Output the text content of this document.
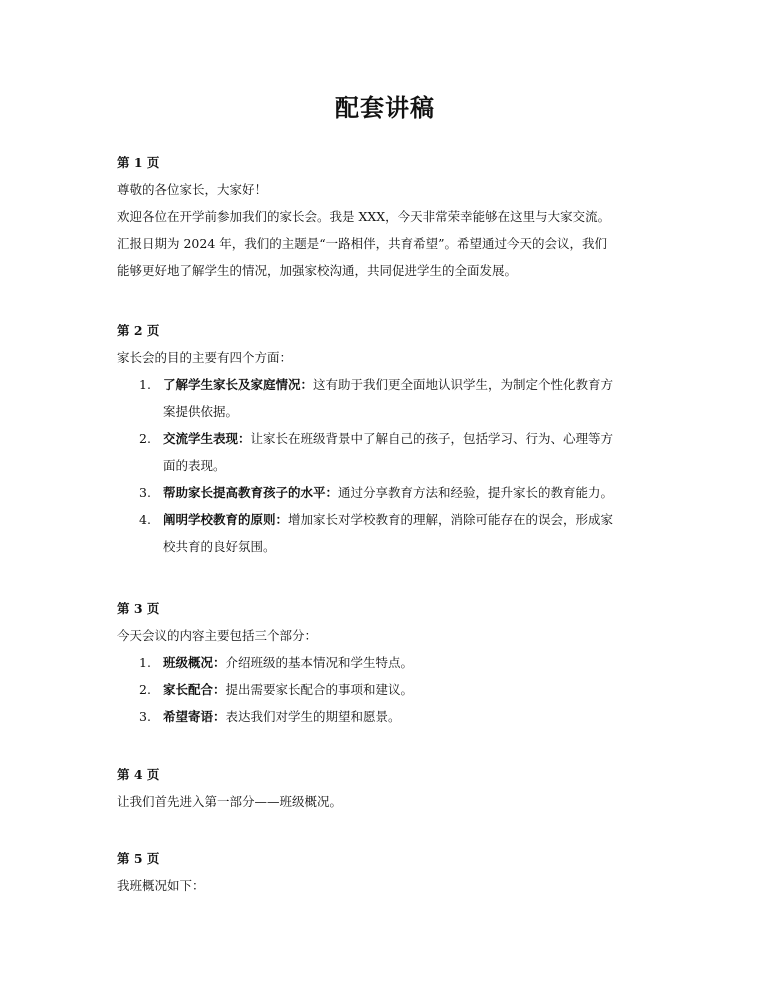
配套讲稿

第 1 页

尊敬的各位家长，大家好！

欢迎各位在开学前参加我们的家长会。我是 XXX，今天非常荣幸能够在这里与大家交流。

汇报日期为 2024 年，我们的主题是“一路相伴，共育希望”。希望通过今天的会议，我们

能够更好地了解学生的情况，加强家校沟通，共同促进学生的全面发展。

第 2 页

家长会的目的主要有四个方面：

1. 了解学生家长及家庭情况：这有助于我们更全面地认识学生，为制定个性化教育方
案提供依据。
2. 交流学生表现：让家长在班级背景中了解自己的孩子，包括学习、行为、心理等方
面的表现。
3. 帮助家长提高教育孩子的水平：通过分享教育方法和经验，提升家长的教育能力。
4. 阐明学校教育的原则：增加家长对学校教育的理解，消除可能存在的误会，形成家
校共育的良好氛围。

第 3 页

今天会议的内容主要包括三个部分：

1. 班级概况：介绍班级的基本情况和学生特点。
2. 家长配合：提出需要家长配合的事项和建议。
3. 希望寄语：表达我们对学生的期望和愿景。

第 4 页

让我们首先进入第一部分——班级概况。

第 5 页

我班概况如下：
